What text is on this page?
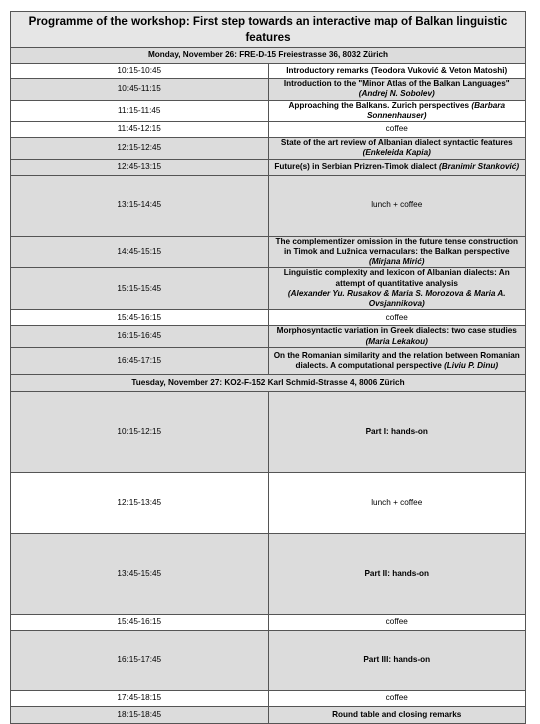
Programme of the workshop: First step towards an interactive map of Balkan linguistic features	
Monday, November 26: FRE-D-15 Freiestrasse 36, 8032 Zürich	
10:15-10:45	Introductory remarks (Teodora Vuković & Veton Matoshi)
10:45-11:15	Introduction to the "Minor Atlas of the Balkan Languages" (Andrej N. Sobolev)
11:15-11:45	Approaching the Balkans. Zurich perspectives (Barbara Sonnenhauser)
11:45-12:15	coffee
12:15-12:45	State of the art review of Albanian dialect syntactic features (Enkeleida Kapia)
12:45-13:15	Future(s) in Serbian Prizren-Timok dialect (Branimir Stanković)
13:15-14:45	lunch + coffee
14:45-15:15	The complementizer omission in the future tense construction in Timok and Lužnica vernaculars: the Balkan perspective (Mirjana Mirić)
15:15-15:45	Linguistic complexity and lexicon of Albanian dialects: An attempt of quantitative analysis
(Alexander Yu. Rusakov & Maria S. Morozova & Maria A. Ovsjannikova)
15:45-16:15	coffee
16:15-16:45	Morphosyntactic variation in Greek dialects: two case studies (Maria Lekakou)
16:45-17:15	On the Romanian similarity and the relation between Romanian dialects. A computational perspective (Liviu P. Dinu)
Tuesday, November 27: KO2-F-152 Karl Schmid-Strasse 4, 8006 Zürich	
10:15-12:15	Part I: hands-on
12:15-13:45	lunch + coffee
13:45-15:45	Part II: hands-on
15:45-16:15	coffee
16:15-17:45	Part III: hands-on
17:45-18:15	coffee
18:15-18:45	Round table and closing remarks
